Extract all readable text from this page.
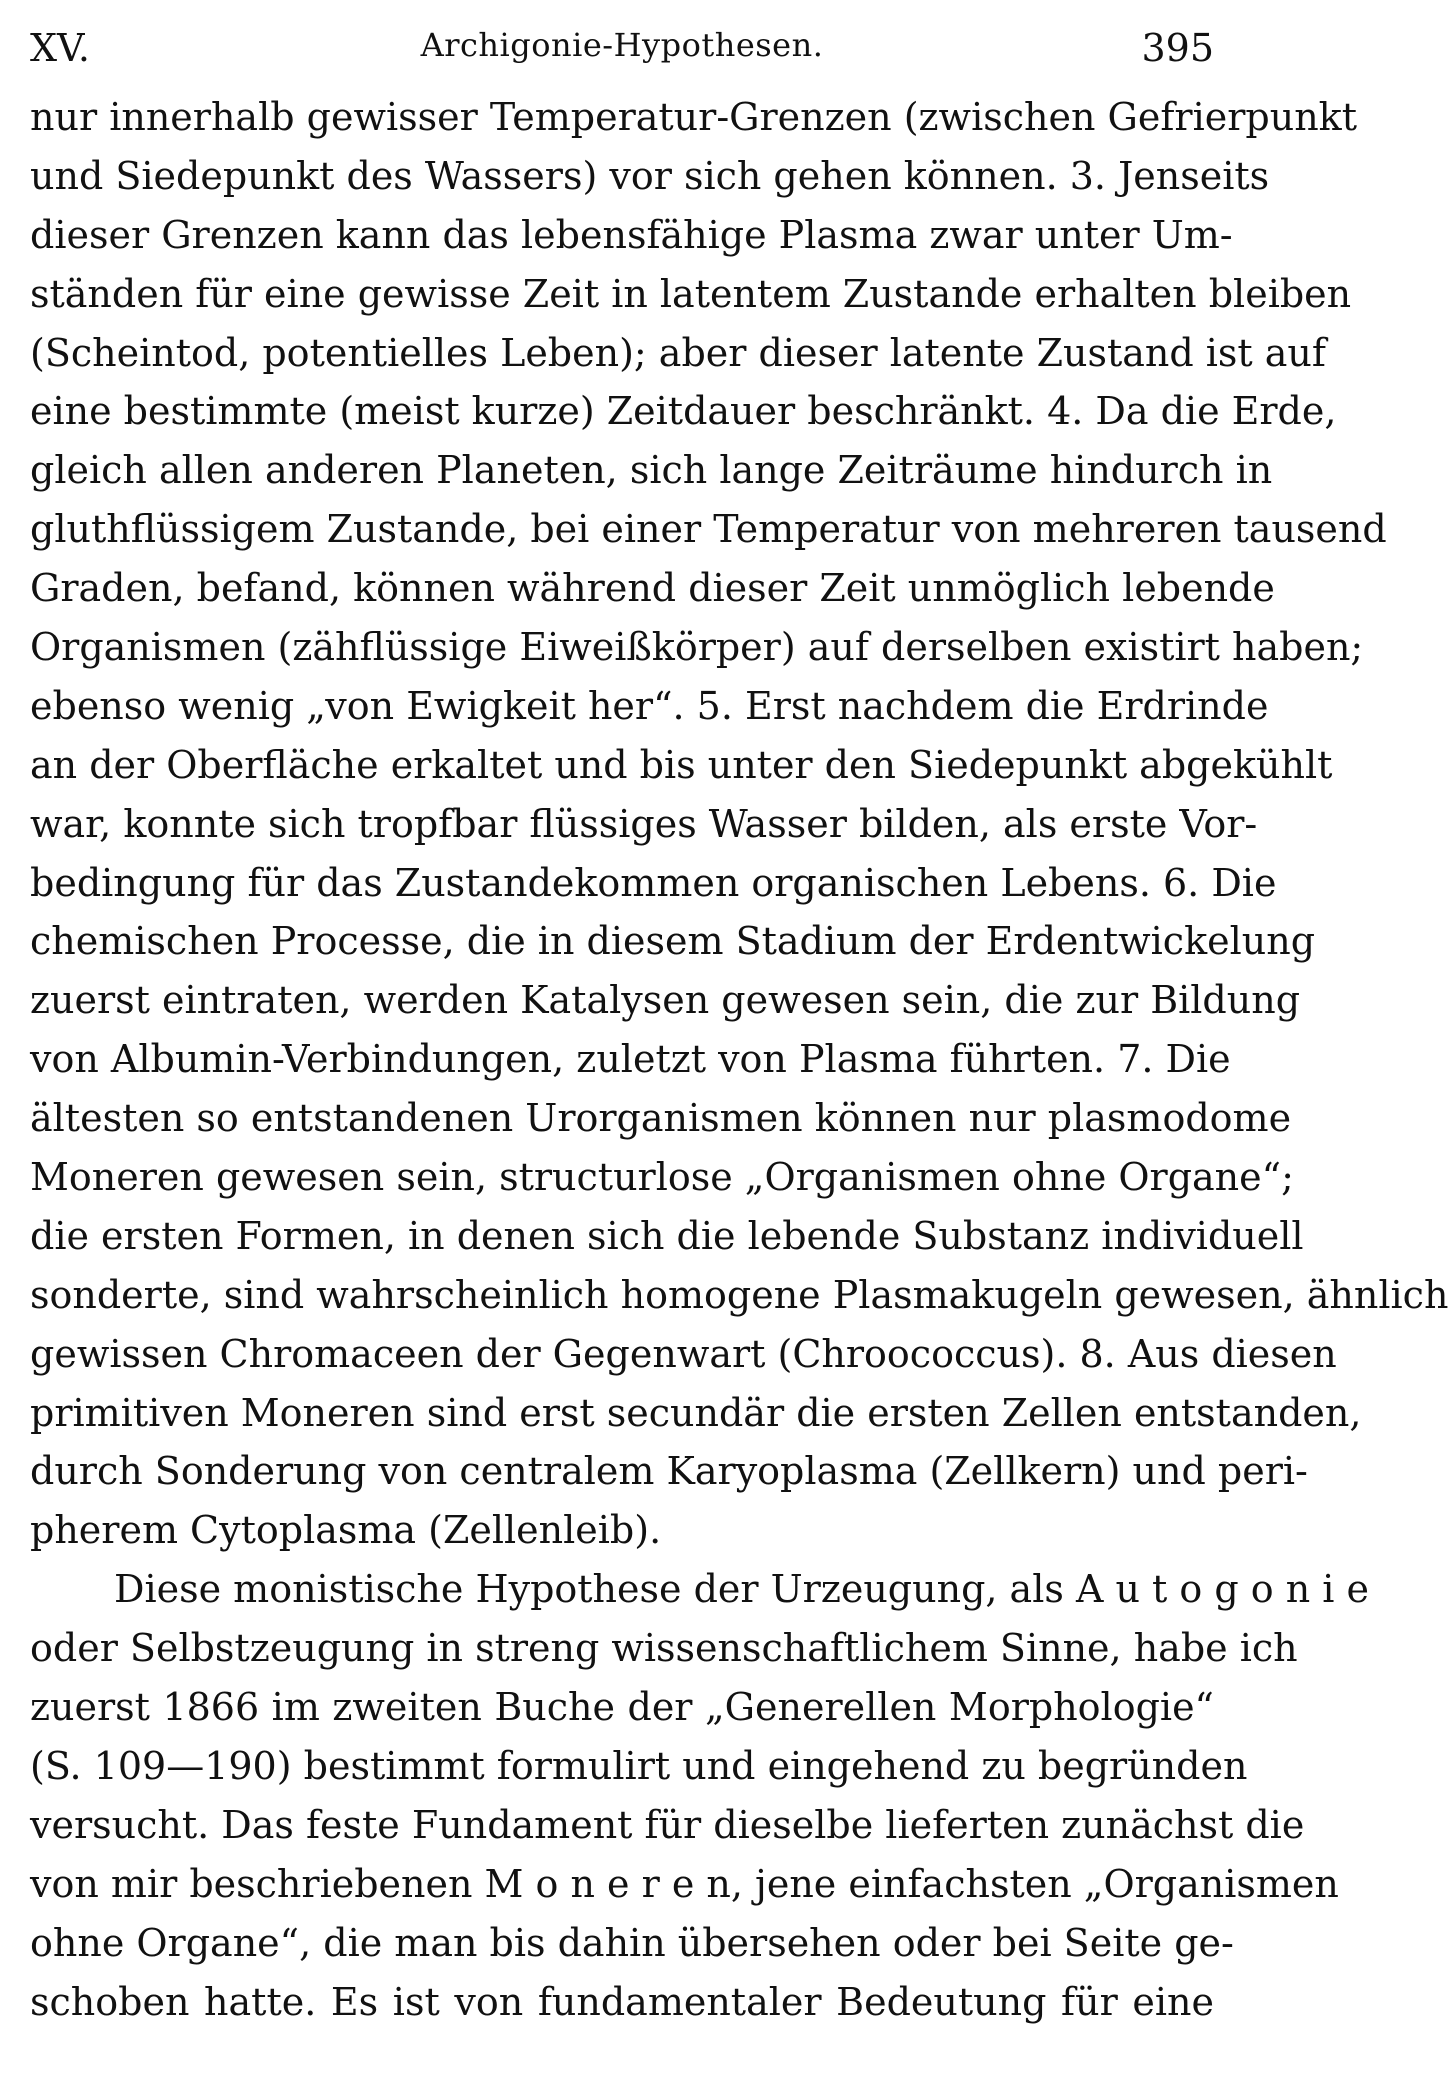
XV.	Archigonie-Hypothesen.	395
nur innerhalb gewisser Temperatur-Grenzen (zwischen Gefrierpunkt
und Siedepunkt des Wassers) vor sich gehen können. 3. Jenseits
dieser Grenzen kann das lebensfähige Plasma zwar unter Um-
ständen für eine gewisse Zeit in latentem Zustande erhalten bleiben
(Scheintod, potentielles Leben); aber dieser latente Zustand ist auf
eine bestimmte (meist kurze) Zeitdauer beschränkt. 4. Da die Erde,
gleich allen anderen Planeten, sich lange Zeiträume hindurch in
gluthflüssigem Zustande, bei einer Temperatur von mehreren tausend
Graden, befand, können während dieser Zeit unmöglich lebende
Organismen (zähflüssige Eiweißkörper) auf derselben existirt haben;
ebenso wenig „von Ewigkeit her“. 5. Erst nachdem die Erdrinde
an der Oberfläche erkaltet und bis unter den Siedepunkt abgekühlt
war, konnte sich tropfbar flüssiges Wasser bilden, als erste Vor-
bedingung für das Zustandekommen organischen Lebens. 6. Die
chemischen Processe, die in diesem Stadium der Erdentwickelung
zuerst eintraten, werden Katalysen gewesen sein, die zur Bildung
von Albumin-Verbindungen, zuletzt von Plasma führten. 7. Die
ältesten so entstandenen Urorganismen können nur plasmodome
Moneren gewesen sein, structurlose „Organismen ohne Organe“;
die ersten Formen, in denen sich die lebende Substanz individuell
sonderte, sind wahrscheinlich homogene Plasmakugeln gewesen, ähnlich
gewissen Chromaceen der Gegenwart (Chroococcus). 8. Aus diesen
primitiven Moneren sind erst secundär die ersten Zellen entstanden,
durch Sonderung von centralem Karyoplasma (Zellkern) und peri-
pherem Cytoplasma (Zellenleib).
Diese monistische Hypothese der Urzeugung, als A u t o g o n i e
oder Selbstzeugung in streng wissenschaftlichem Sinne, habe ich
zuerst 1866 im zweiten Buche der „Generellen Morphologie“
(S. 109—190) bestimmt formulirt und eingehend zu begründen
versucht. Das feste Fundament für dieselbe lieferten zunächst die
von mir beschriebenen M o n e r e n, jene einfachsten „Organismen
ohne Organe“, die man bis dahin übersehen oder bei Seite ge-
schoben hatte. Es ist von fundamentaler Bedeutung für eine
